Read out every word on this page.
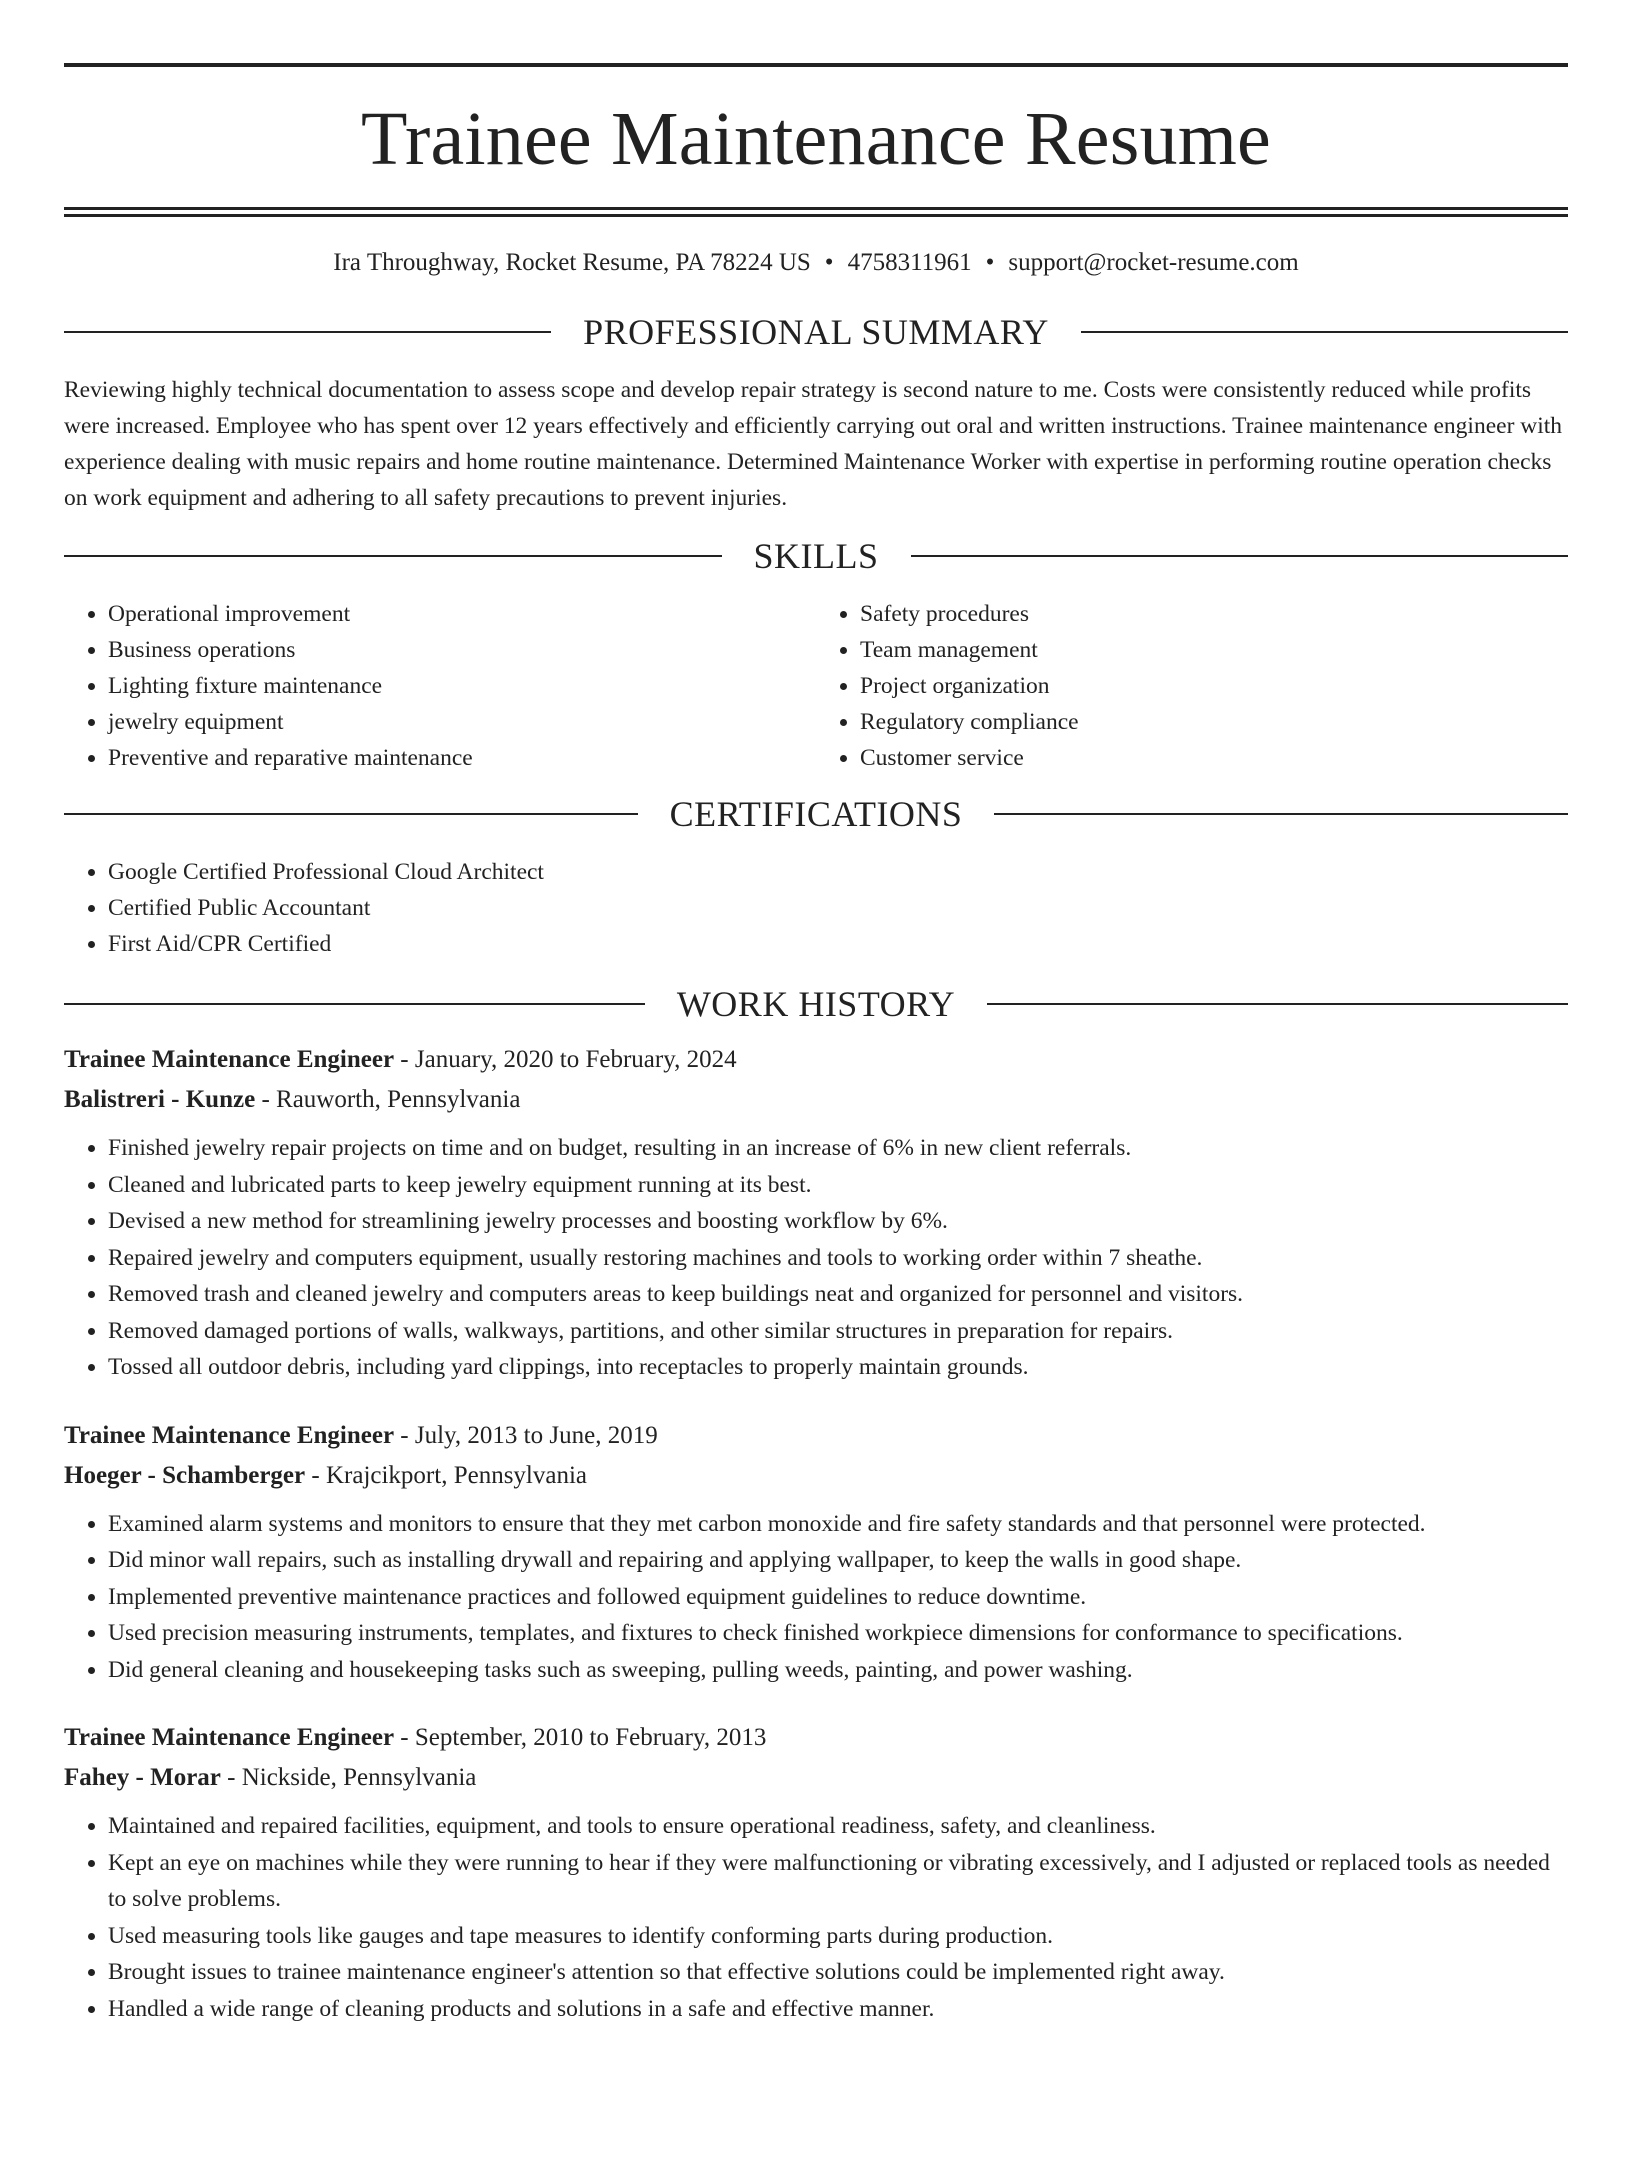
Trainee Maintenance Resume
Ira Throughway, Rocket Resume, PA 78224 US • 4758311961 • support@rocket-resume.com
PROFESSIONAL SUMMARY

Reviewing highly technical documentation to assess scope and develop repair strategy is second nature to me. Costs were consistently reduced while profits were increased. Employee who has spent over 12 years effectively and efficiently carrying out oral and written instructions. Trainee maintenance engineer with experience dealing with music repairs and home routine maintenance. Determined Maintenance Worker with expertise in performing routine operation checks on work equipment and adhering to all safety precautions to prevent injuries.

SKILLS
• Operational improvement
• Business operations
• Lighting fixture maintenance
• jewelry equipment
• Preventive and reparative maintenance
• Safety procedures
• Team management
• Project organization
• Regulatory compliance
• Customer service
CERTIFICATIONS
• Google Certified Professional Cloud Architect
• Certified Public Accountant
• First Aid/CPR Certified
WORK HISTORY
Trainee Maintenance Engineer - January, 2020 to February, 2024
Balistreri - Kunze - Rauworth, Pennsylvania
• Finished jewelry repair projects on time and on budget, resulting in an increase of 6% in new client referrals.
• Cleaned and lubricated parts to keep jewelry equipment running at its best.
• Devised a new method for streamlining jewelry processes and boosting workflow by 6%.
• Repaired jewelry and computers equipment, usually restoring machines and tools to working order within 7 sheathe.
• Removed trash and cleaned jewelry and computers areas to keep buildings neat and organized for personnel and visitors.
• Removed damaged portions of walls, walkways, partitions, and other similar structures in preparation for repairs.
• Tossed all outdoor debris, including yard clippings, into receptacles to properly maintain grounds.
Trainee Maintenance Engineer - July, 2013 to June, 2019
Hoeger - Schamberger - Krajcikport, Pennsylvania
• Examined alarm systems and monitors to ensure that they met carbon monoxide and fire safety standards and that personnel were protected.
• Did minor wall repairs, such as installing drywall and repairing and applying wallpaper, to keep the walls in good shape.
• Implemented preventive maintenance practices and followed equipment guidelines to reduce downtime.
• Used precision measuring instruments, templates, and fixtures to check finished workpiece dimensions for conformance to specifications.
• Did general cleaning and housekeeping tasks such as sweeping, pulling weeds, painting, and power washing.
Trainee Maintenance Engineer - September, 2010 to February, 2013
Fahey - Morar - Nickside, Pennsylvania
• Maintained and repaired facilities, equipment, and tools to ensure operational readiness, safety, and cleanliness.
• Kept an eye on machines while they were running to hear if they were malfunctioning or vibrating excessively, and I adjusted or replaced tools as needed to solve problems.
• Used measuring tools like gauges and tape measures to identify conforming parts during production.
• Brought issues to trainee maintenance engineer's attention so that effective solutions could be implemented right away.
• Handled a wide range of cleaning products and solutions in a safe and effective manner.
